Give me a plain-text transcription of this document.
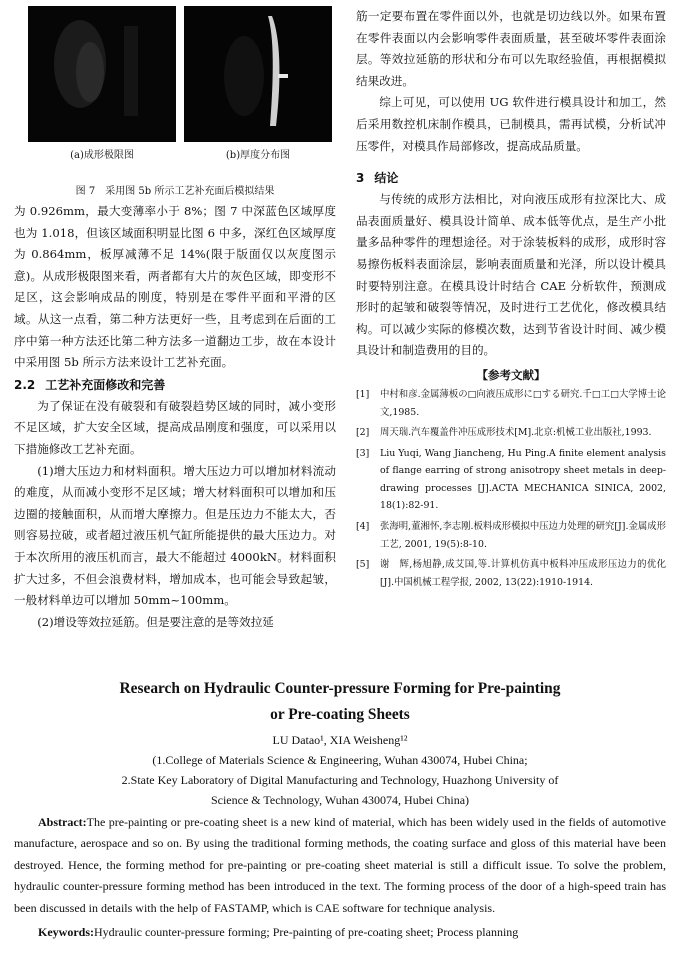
(a)成形极限图	(b)厚度分布图
图 7　采用图 5b 所示工艺补充面后模拟结果

为 0.926mm，最大变薄率小于 8%；图 7 中深蓝色区域厚度也为 1.018，但该区域面积明显比图 6 中多，深红色区域厚度为 0.864mm，板厚减薄不足 14%(限于版面仅以灰度图示意)。从成形极限图来看，两者都有大片的灰色区域，即变形不足区，这会影响成品的刚度，特别是在零件平面和平滑的区域。从这一点看，第二种方法更好一些，且考虑到在后面的工序中第一种方法还比第二种方法多一道翻边工步，故在本设计中采用图 5b 所示方法来设计工艺补充面。

2.2 工艺补充面修改和完善

为了保证在没有破裂和有破裂趋势区域的同时，减小变形不足区域，扩大安全区域，提高成品刚度和强度，可以采用以下措施修改工艺补充面。

(1)增大压边力和材料面积。增大压边力可以增加材料流动的难度，从而减小变形不足区域；增大材料面积可以增加和压边圈的接触面积，从而增大摩擦力。但是压边力不能太大，否则容易拉破，或者超过液压机气缸所能提供的最大压边力。对于本次所用的液压机而言，最大不能超过 4000kN。材料面积扩大过多，不但会浪费材料，增加成本，也可能会导致起皱，一般材料单边可以增加 50mm~100mm。

(2)增设等效拉延筋。但是要注意的是等效拉延

筋一定要布置在零件面以外，也就是切边线以外。如果布置在零件表面以内会影响零件表面质量，甚至破坏零件表面涂层。等效拉延筋的形状和分布可以先取经验值，再根据模拟结果改进。

综上可见，可以使用 UG 软件进行模具设计和加工，然后采用数控机床制作模具，已制模具，需再试模，分析试冲压零件，对模具作局部修改，提高成品质量。

3 结论

与传统的成形方法相比，对向液压成形有拉深比大、成品表面质量好、模具设计简单、成本低等优点，是生产小批量多品种零件的理想途径。对于涂装板料的成形，成形时容易擦伤板料表面涂层，影响表面质量和光泽，所以设计模具时要特别注意。在模具设计时结合 CAE 分析软件，预测成形时的起皱和破裂等情况，及时进行工艺优化，修改模具结构。可以减少实际的修模次数，达到节省设计时间、减少模具设计和制造费用的目的。

【参考文献】
[1]	中村和彦.金属薄板の□向液压成形に□する研究.千□工□大学博士论文,1985.
[2]	周天瑞.汽车覆盖件冲压成形技术[M].北京:机械工业出版社,1993.
[3]	Liu Yuqi, Wang Jiancheng, Hu Ping.A finite element analysis of flange earring of strong anisotropy sheet metals in deep-drawing processes [J].ACTA MECHANICA SINICA, 2002, 18(1):82-91.
[4]	张海明,董湘怀,李志刚.板料成形模拟中压边力处理的研究[J].金属成形工艺, 2001, 19(5):8-10.
[5]	谢　辉,杨旭静,成艾国,等.计算机仿真中板料冲压成形压边力的优化[J].中国机械工程学报, 2002, 13(22):1910-1914.
Research on Hydraulic Counter-pressure Forming for Pre-painting
or Pre-coating Sheets
LU Datao¹, XIA Weisheng¹²
(1.College of Materials Science & Engineering, Wuhan 430074, Hubei China;
2.State Key Laboratory of Digital Manufacturing and Technology, Huazhong University of
Science & Technology, Wuhan 430074, Hubei China)

Abstract:The pre-painting or pre-coating sheet is a new kind of material, which has been widely used in the fields of automotive manufacture, aerospace and so on. By using the traditional forming methods, the coating surface and gloss of this material have been destroyed. Hence, the forming method for pre-painting or pre-coating sheet material is still a difficult issue. To solve the problem, hydraulic counter-pressure forming method has been introduced in the text. The forming process of the door of a high-speed train has been discussed in details with the help of FASTAMP, which is CAE software for technique analysis.

Keywords:Hydraulic counter-pressure forming; Pre-painting of pre-coating sheet; Process planning
